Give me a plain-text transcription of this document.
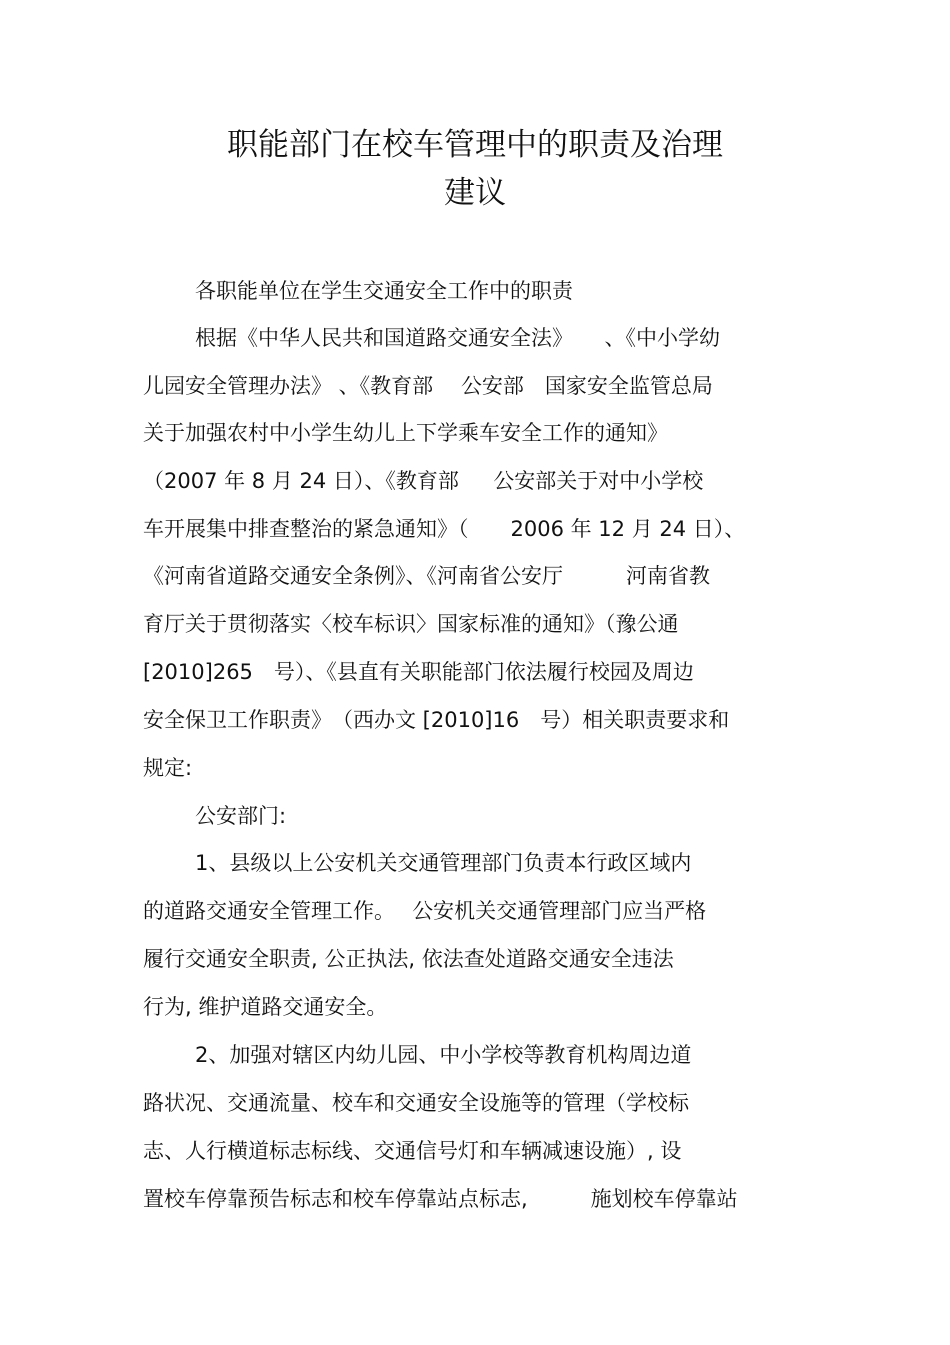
职能部门在校车管理中的职责及治理
建议
各职能单位在学生交通安全工作中的职责
根据《中华人民共和国道路交通安全法》　　、《中小学幼
儿园安全管理办法》 、《教育部　 公安部　国家安全监管总局
关于加强农村中小学生幼儿上下学乘车安全工作的通知》
（2007 年 8 月 24 日）、《教育部　  公安部关于对中小学校
车开展集中排查整治的紧急通知》（　　2006 年 12 月 24 日）、
《河南省道路交通安全条例》、《河南省公安厅　　　河南省教
育厅关于贯彻落实〈校车标识〉国家标准的通知》（豫公通
[2010]265　号）、《县直有关职能部门依法履行校园及周边
安全保卫工作职责》　（西办文 [2010]16　号）相关职责要求和
规定:
公安部门:
1、县级以上公安机关交通管理部门负责本行政区域内
的道路交通安全管理工作。　 公安机关交通管理部门应当严格
履行交通安全职责, 公正执法, 依法查处道路交通安全违法
行为, 维护道路交通安全。
2、加强对辖区内幼儿园、中小学校等教育机构周边道
路状况、交通流量、校车和交通安全设施等的管理（学校标
志、人行横道标志标线、交通信号灯和车辆减速设施）, 设
置校车停靠预告标志和校车停靠站点标志,　　　施划校车停靠站
